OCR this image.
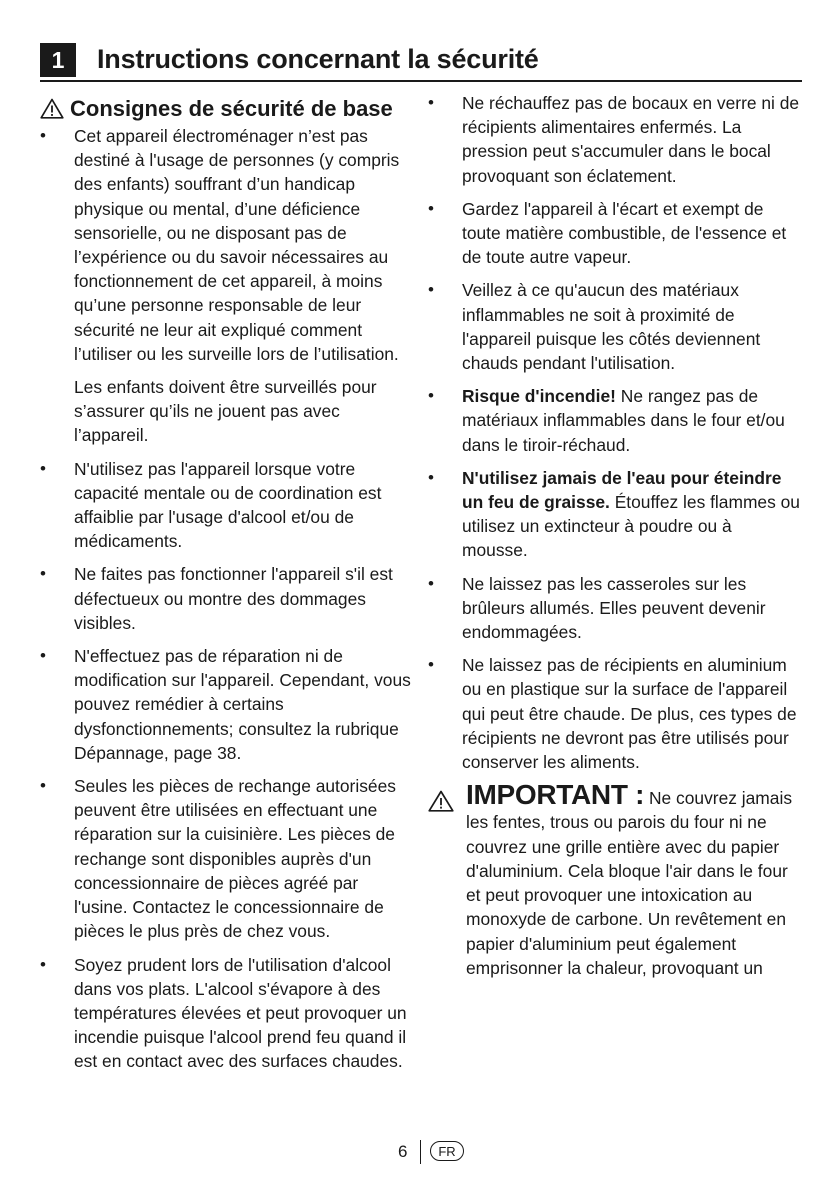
1	Instructions concernant la sécurité
Consignes de sécurité de base
• Cet appareil électroménager n’est pas destiné à l'usage de personnes (y compris des enfants) souffrant d’un handicap physique ou mental, d’une déficience sensorielle, ou ne disposant pas de l’expérience ou du savoir nécessaires au fonctionnement de cet appareil, à moins qu’une personne responsable de leur sécurité ne leur ait expliqué comment l’utiliser ou les surveille lors de l’utilisation.
Les enfants doivent être surveillés pour s’assurer qu’ils ne jouent pas avec l’appareil.
• N'utilisez pas l'appareil lorsque votre capacité mentale ou de coordination est affaiblie par l'usage d'alcool et/ou de médicaments.
• Ne faites pas fonctionner l'appareil s'il est défectueux ou montre des dommages visibles.
• N'effectuez pas de réparation ni de modification sur l'appareil. Cependant, vous pouvez remédier à certains dysfonctionnements; consultez la rubrique Dépannage, page 38.
• Seules les pièces de rechange autorisées peuvent être utilisées en effectuant une réparation sur la cuisinière. Les pièces de rechange sont disponibles auprès d'un concessionnaire de pièces agréé par l'usine. Contactez le concessionnaire de pièces le plus près de chez vous.
• Soyez prudent lors de l'utilisation d'alcool dans vos plats. L'alcool s'évapore à des températures élevées et peut provoquer un incendie puisque l'alcool prend feu quand il est en contact avec des surfaces chaudes.
• Ne réchauffez pas de bocaux en verre ni de récipients alimentaires enfermés. La pression peut s'accumuler dans le bocal provoquant son éclatement.
• Gardez l'appareil à l'écart et exempt de toute matière combustible, de l'essence et de toute autre vapeur.
• Veillez à ce qu'aucun des matériaux inflammables ne soit à proximité de l'appareil puisque les côtés deviennent chauds pendant l'utilisation.
• Risque d'incendie! Ne rangez pas de matériaux inflammables dans le four et/ou dans le tiroir-réchaud.
• N'utilisez jamais de l'eau pour éteindre un feu de graisse. Étouffez les flammes ou utilisez un extincteur à poudre ou à mousse.
• Ne laissez pas les casseroles sur les brûleurs allumés. Elles peuvent devenir endommagées.
• Ne laissez pas de récipients en aluminium ou en plastique sur la surface de l'appareil qui peut être chaude. De plus, ces types de récipients ne devront pas être utilisés pour conserver les aliments.
IMPORTANT : Ne couvrez jamais les fentes, trous ou parois du four ni ne couvrez une grille entière avec du papier d'aluminium. Cela bloque l'air dans le four et peut provoquer une intoxication au monoxyde de carbone. Un revêtement en papier d'aluminium peut également emprisonner la chaleur, provoquant un
6	FR
